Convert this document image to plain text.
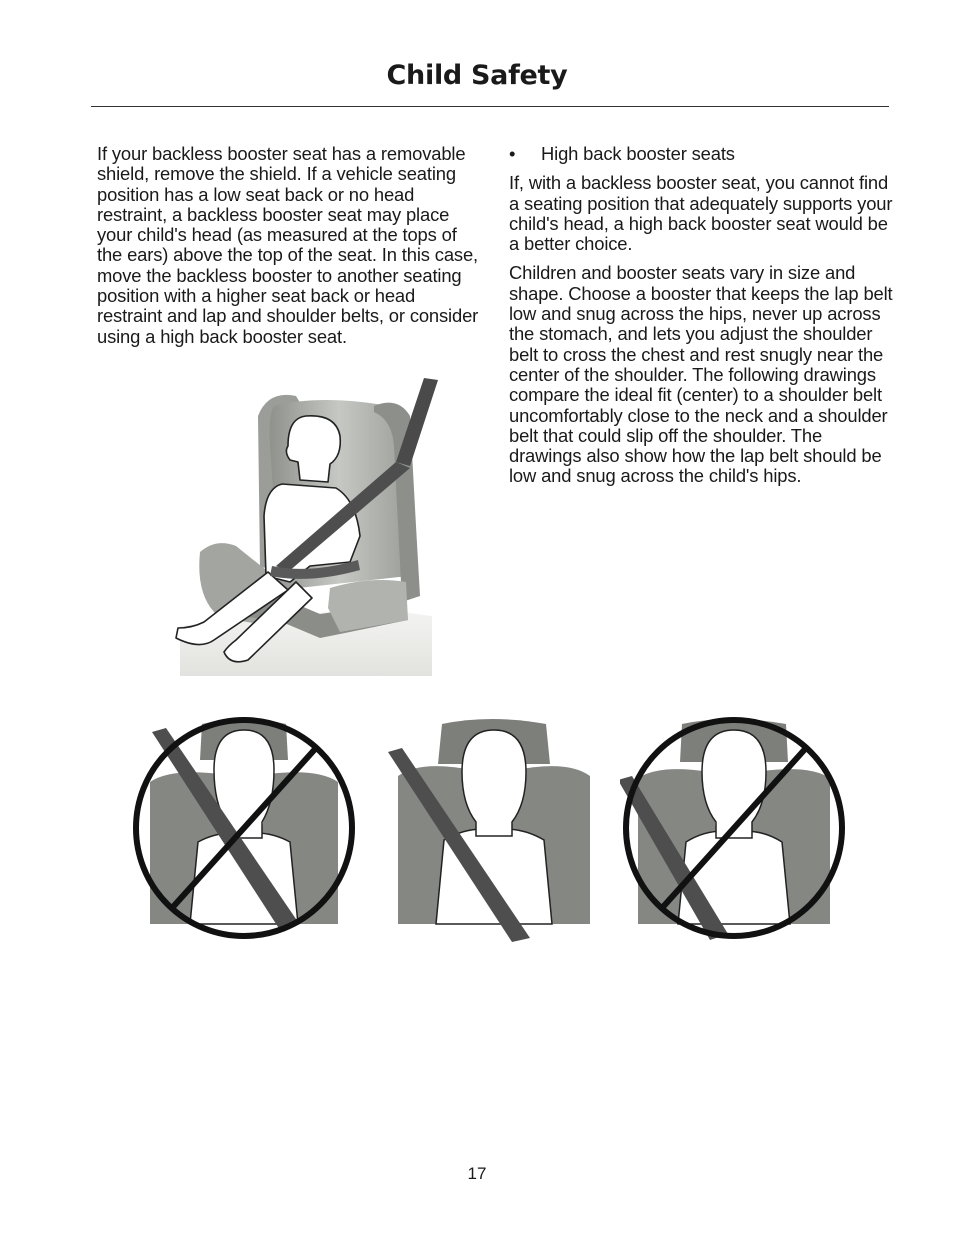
Child Safety

If your backless booster seat has a removable shield, remove the shield. If a vehicle seating position has a low seat back or no head restraint, a backless booster seat may place your child's head (as measured at the tops of the ears) above the top of the seat. In this case, move the backless booster to another seating position with a higher seat back or head restraint and lap and shoulder belts, or consider using a high back booster seat.

•	High back booster seats

If, with a backless booster seat, you cannot find a seating position that adequately supports your child's head, a high back booster seat would be a better choice.

Children and booster seats vary in size and shape. Choose a booster that keeps the lap belt low and snug across the hips, never up across the stomach, and lets you adjust the shoulder belt to cross the chest and rest snugly near the center of the shoulder. The following drawings compare the ideal fit (center) to a shoulder belt uncomfortably close to the neck and a shoulder belt that could slip off the shoulder. The drawings also show how the lap belt should be low and snug across the child's hips.

17
